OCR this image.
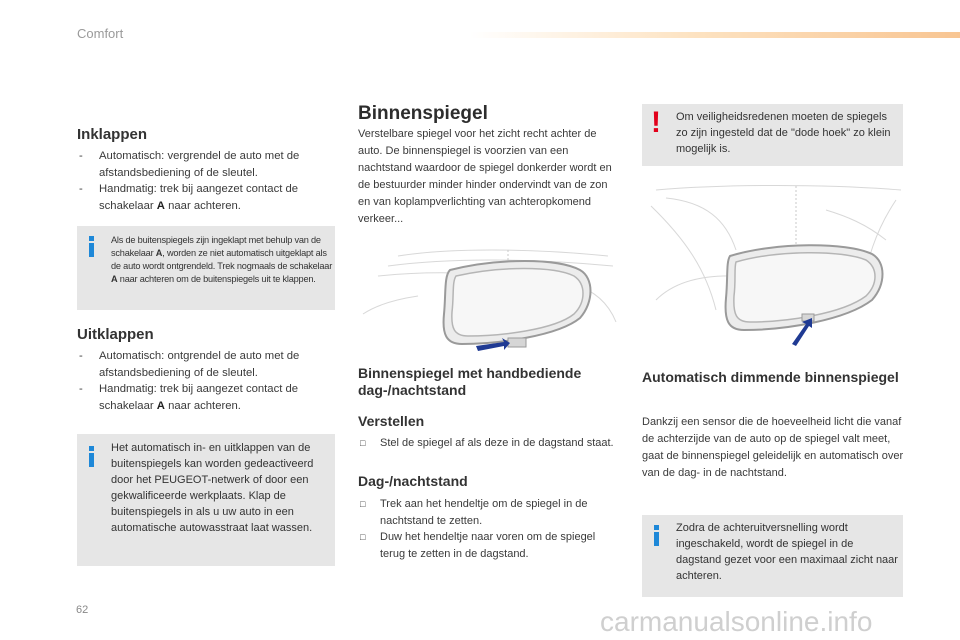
Comfort
Inklappen
- Automatisch: vergrendel de auto met de afstandsbediening of de sleutel.
- Handmatig: trek bij aangezet contact de schakelaar A naar achteren.
Als de buitenspiegels zijn ingeklapt met behulp van de schakelaar A, worden ze niet automatisch uitgeklapt als de auto wordt ontgrendeld. Trek nogmaals de schakelaar A naar achteren om de buitenspiegels uit te klappen.
Uitklappen
- Automatisch: ontgrendel de auto met de afstandsbediening of de sleutel.
- Handmatig: trek bij aangezet contact de schakelaar A naar achteren.
Het automatisch in- en uitklappen van de buitenspiegels kan worden gedeactiveerd door het PEUGEOT-netwerk of door een gekwalificeerde werkplaats. Klap de buitenspiegels in als u uw auto in een automatische autowasstraat laat wassen.
Binnenspiegel
Verstelbare spiegel voor het zicht recht achter de auto. De binnenspiegel is voorzien van een nachtstand waardoor de spiegel donkerder wordt en de bestuurder minder hinder ondervindt van de zon en van koplampverlichting van achteropkomend verkeer...
Binnenspiegel met handbediende dag-/nachtstand
Verstellen
□ Stel de spiegel af als deze in de dagstand staat.
Dag-/nachtstand
□ Trek aan het hendeltje om de spiegel in de nachtstand te zetten.
□ Duw het hendeltje naar voren om de spiegel terug te zetten in de dagstand.
! Om veiligheidsredenen moeten de spiegels zo zijn ingesteld dat de "dode hoek" zo klein mogelijk is.
Automatisch dimmende binnenspiegel
Dankzij een sensor die de hoeveelheid licht die vanaf de achterzijde van de auto op de spiegel valt meet, gaat de binnenspiegel geleidelijk en automatisch over van de dag- in de nachtstand.
Zodra de achteruitversnelling wordt ingeschakeld, wordt de spiegel in de dagstand gezet voor een maximaal zicht naar achteren.
62	carmanualsonline.info
